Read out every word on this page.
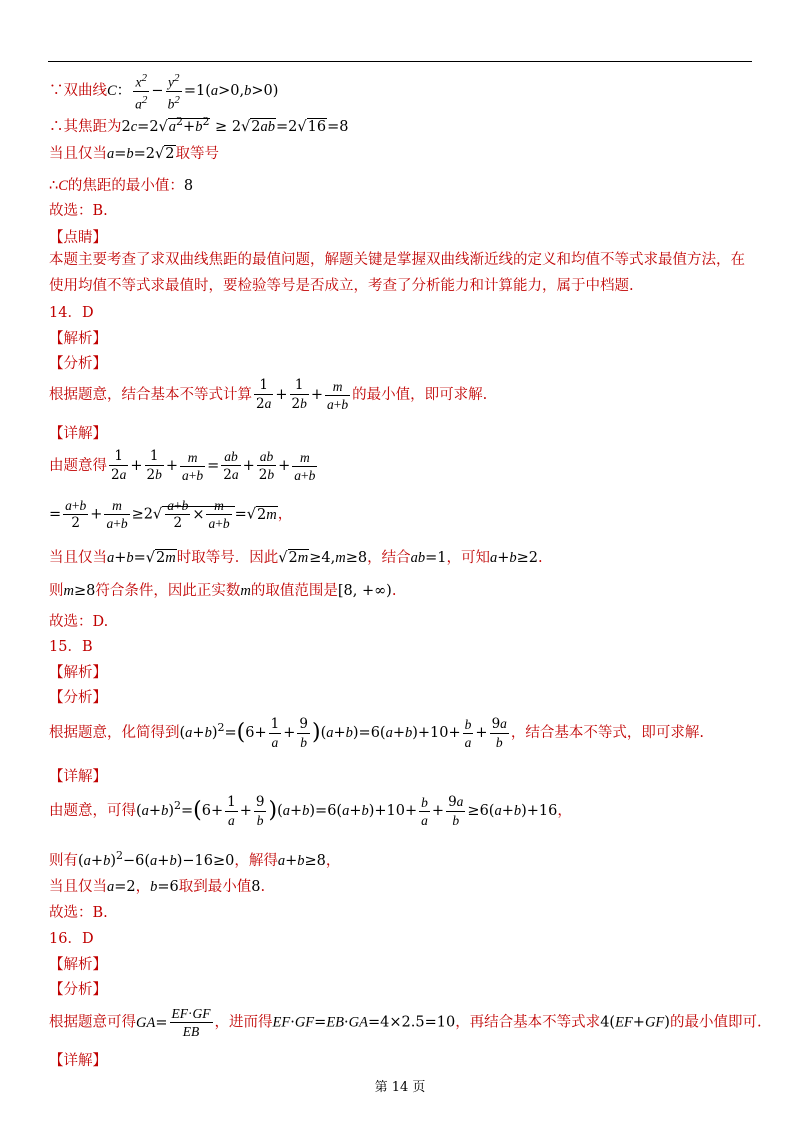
∵双曲线C： $\frac{x^2}{a^2} - \frac{y^2}{b^2} =1(a>0,b>0)$
∴其焦距为$2c=2√a^2+b^2 \ge 2√2ab=2√16=8$
当且仅当a=b=2√2取等号
∴C的焦距的最小值：8
故选：B.
【点睛】
本题主要考查了求双曲线焦距的最值问题，解题关键是掌握双曲线渐近线的定义和均值不等式求最值方法，在使用均值不等式求最值时，要检验等号是否成立，考查了分析能力和计算能力，属于中档题.
14．D
【解析】
【分析】
根据题意，结合基本不等式计算 $\frac{1}{2a} + \frac{1}{2b} + \frac{m}{a+b}$ 的最小值，即可求解.
【详解】
由题意得 $\frac{1}{2a} + \frac{1}{2b} + \frac{m}{a+b} = \frac{ab}{2a} + \frac{ab}{2b} + \frac{m}{a+b}$
= $\frac{a+b}{2} + \frac{m}{a+b} \ge 2√ \frac{a+b}{2} \times \frac{m}{a+b} =√2m$，
当且仅当a+b=√2m时取等号．因此√2m≥4,m≥8，结合ab=1，可知a+b≥2.
则m≥8符合条件，因此正实数m的取值范围是[8, +∞).
故选：D.
15．B
【解析】
【分析】
根据题意，化简得到$(a+b)^2=(6+ \frac{1}{a} + \frac{9}{b} )(a+b)=6(a+b)+10+ \frac{b}{a} + \frac{9a}{b}$ ，结合基本不等式，即可求解.
【详解】
由题意，可得$(a+b)^2=(6+ \frac{1}{a} + \frac{9}{b} )(a+b)=6(a+b)+10+ \frac{b}{a} + \frac{9a}{b} \ge 6(a+b)+16$，
则有$(a+b)^2-6(a+b)-16\ge 0$，解得a+b≥8，
当且仅当a=2，b=6取到最小值8.
故选：B.
16．D
【解析】
【分析】
根据题意可得$GA= \frac{EF\cdot GF}{EB}$ ，进而得EF·GF=EB·GA=4×2.5=10，再结合基本不等式求4(EF+GF)的最小值即可.
【详解】
第 14 页
